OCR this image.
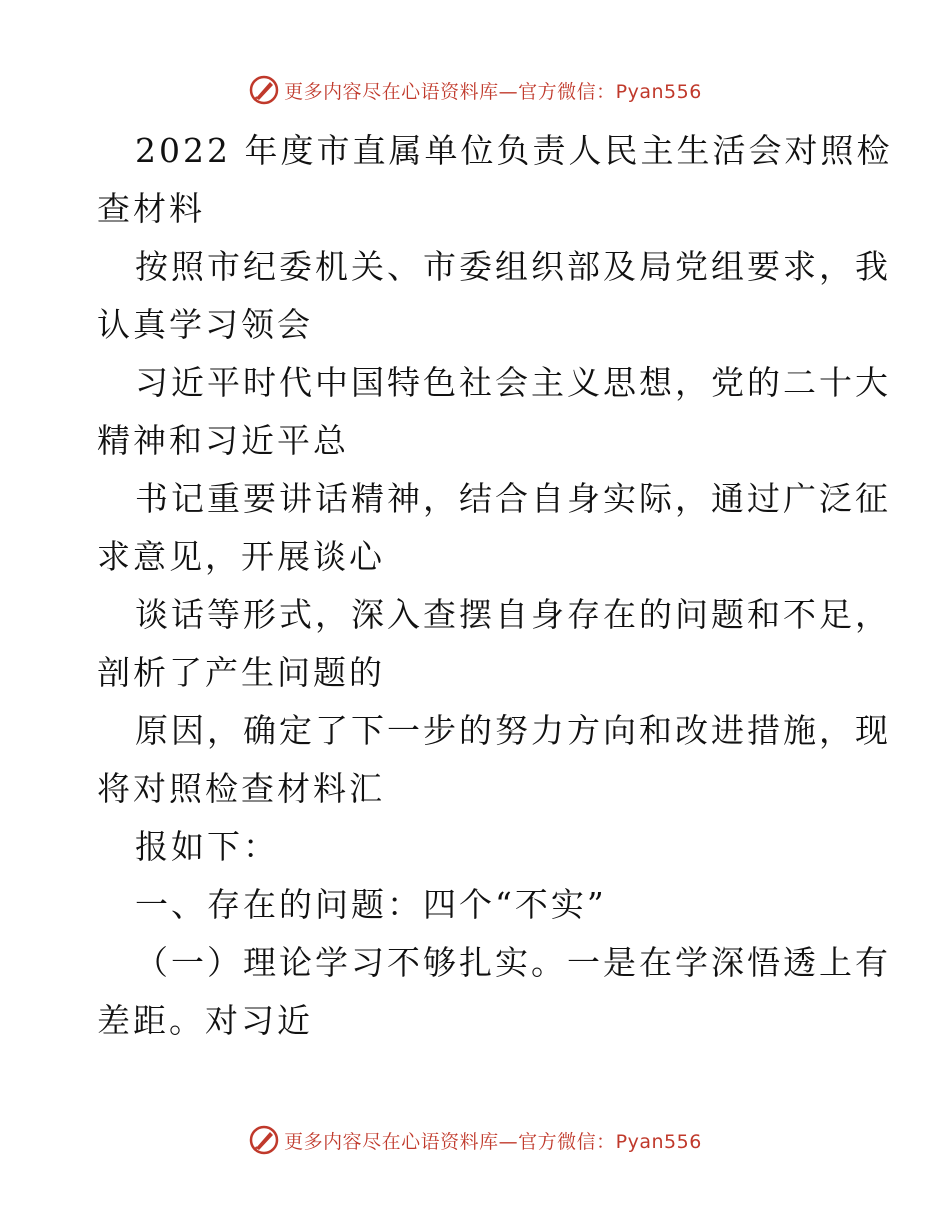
更多内容尽在心语资料库—官方微信：Pyan556
2022 年度市直属单位负责人民主生活会对照检
查材料
按照市纪委机关、市委组织部及局党组要求，我
认真学习领会
习近平时代中国特色社会主义思想，党的二十大
精神和习近平总
书记重要讲话精神，结合自身实际，通过广泛征
求意见，开展谈心
谈话等形式，深入查摆自身存在的问题和不足，
剖析了产生问题的
原因，确定了下一步的努力方向和改进措施，现
将对照检查材料汇
报如下：
一、存在的问题：四个“不实”
（一）理论学习不够扎实。一是在学深悟透上有
差距。对习近
更多内容尽在心语资料库—官方微信：Pyan556
